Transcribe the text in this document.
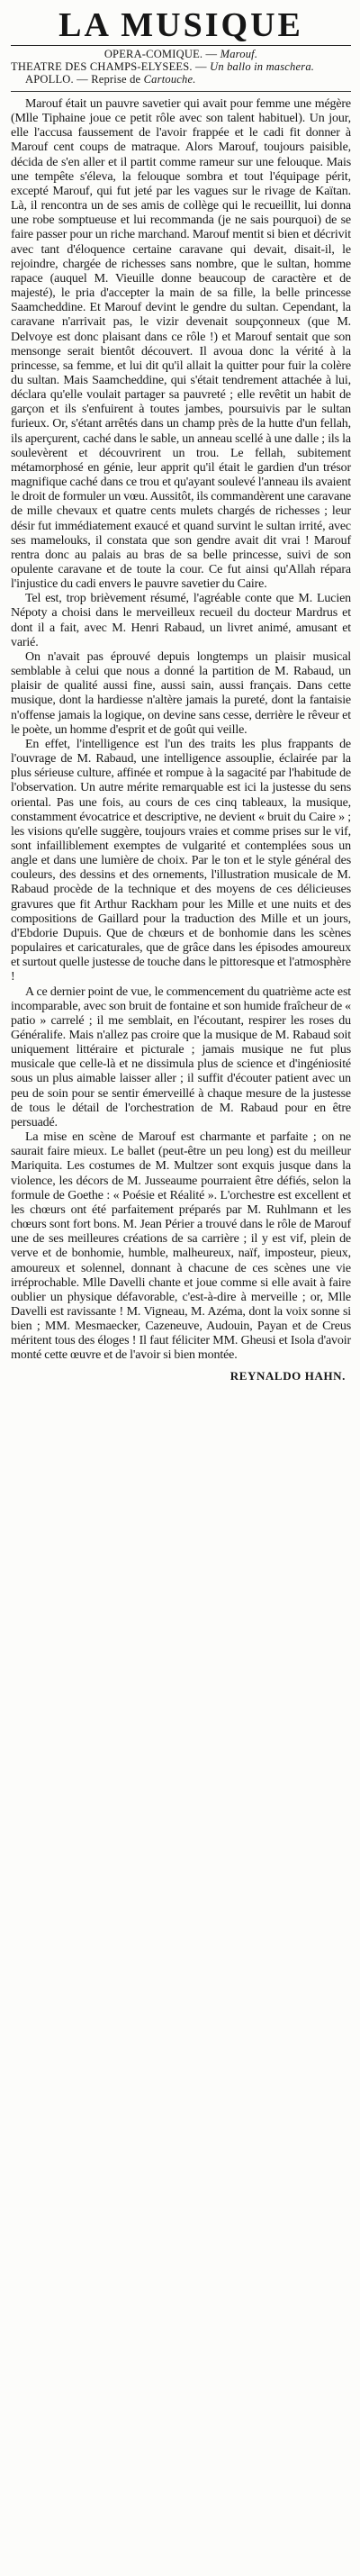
LA MUSIQUE
OPERA-COMIQUE. — Marouf.
THEATRE DES CHAMPS-ELYSEES. — Un ballo in maschera.
APOLLO. — Reprise de Cartouche.

Marouf était un pauvre savetier qui avait pour femme une mégère (Mlle Tiphaine joue ce petit rôle avec son talent habituel). Un jour, elle l'accusa faussement de l'avoir frappée et le cadi fit donner à Marouf cent coups de matraque. Alors Marouf, toujours paisible, décida de s'en aller et il partit comme rameur sur une felouque. Mais une tempête s'éleva, la felouque sombra et tout l'équipage périt, excepté Marouf, qui fut jeté par les vagues sur le rivage de Kaïtan. Là, il rencontra un de ses amis de collège qui le recueillit, lui donna une robe somptueuse et lui recommanda (je ne sais pourquoi) de se faire passer pour un riche marchand. Marouf mentit si bien et décrivit avec tant d'éloquence certaine caravane qui devait, disait-il, le rejoindre, chargée de richesses sans nombre, que le sultan, homme rapace (auquel M. Vieuille donne beaucoup de caractère et de majesté), le pria d'accepter la main de sa fille, la belle princesse Saamcheddine. Et Marouf devint le gendre du sultan. Cependant, la caravane n'arrivait pas, le vizir devenait soupçonneux (que M. Delvoye est donc plaisant dans ce rôle !) et Marouf sentait que son mensonge serait bientôt découvert. Il avoua donc la vérité à la princesse, sa femme, et lui dit qu'il allait la quitter pour fuir la colère du sultan. Mais Saamcheddine, qui s'était tendrement attachée à lui, déclara qu'elle voulait partager sa pauvreté ; elle revêtit un habit de garçon et ils s'enfuirent à toutes jambes, poursuivis par le sultan furieux. Or, s'étant arrêtés dans un champ près de la hutte d'un fellah, ils aperçurent, caché dans le sable, un anneau scellé à une dalle ; ils la soulevèrent et découvrirent un trou. Le fellah, subitement métamorphosé en génie, leur apprit qu'il était le gardien d'un trésor magnifique caché dans ce trou et qu'ayant soulevé l'anneau ils avaient le droit de formuler un vœu. Aussitôt, ils commandèrent une caravane de mille chevaux et quatre cents mulets chargés de richesses ; leur désir fut immédiatement exaucé et quand survint le sultan irrité, avec ses mamelouks, il constata que son gendre avait dit vrai ! Marouf rentra donc au palais au bras de sa belle princesse, suivi de son opulente caravane et de toute la cour. Ce fut ainsi qu'Allah répara l'injustice du cadi envers le pauvre savetier du Caire.

Tel est, trop brièvement résumé, l'agréable conte que M. Lucien Népoty a choisi dans le merveilleux recueil du docteur Mardrus et dont il a fait, avec M. Henri Rabaud, un livret animé, amusant et varié.

On n'avait pas éprouvé depuis longtemps un plaisir musical semblable à celui que nous a donné la partition de M. Rabaud, un plaisir de qualité aussi fine, aussi sain, aussi français. Dans cette musique, dont la hardiesse n'altère jamais la pureté, dont la fantaisie n'offense jamais la logique, on devine sans cesse, derrière le rêveur et le poète, un homme d'esprit et de goût qui veille.

En effet, l'intelligence est l'un des traits les plus frappants de l'ouvrage de M. Rabaud, une intelligence assouplie, éclairée par la plus sérieuse culture, affinée et rompue à la sagacité par l'habitude de l'observation. Un autre mérite remarquable est ici la justesse du sens oriental. Pas une fois, au cours de ces cinq tableaux, la musique, constamment évocatrice et descriptive, ne devient « bruit du Caire » ; les visions qu'elle suggère, toujours vraies et comme prises sur le vif, sont infailliblement exemptes de vulgarité et contemplées sous un angle et dans une lumière de choix. Par le ton et le style général des couleurs, des dessins et des ornements, l'illustration musicale de M. Rabaud procède de la technique et des moyens de ces délicieuses gravures que fit Arthur Rackham pour les Mille et une nuits et des compositions de Gaillard pour la traduction des Mille et un jours, d'Ebdorie Dupuis. Que de chœurs et de bonhomie dans les scènes populaires et caricaturales, que de grâce dans les épisodes amoureux et surtout quelle justesse de touche dans le pittoresque et l'atmosphère !

A ce dernier point de vue, le commencement du quatrième acte est incomparable, avec son bruit de fontaine et son humide fraîcheur de « patio » carrelé ; il me semblait, en l'écoutant, respirer les roses du Généralife. Mais n'allez pas croire que la musique de M. Rabaud soit uniquement littéraire et picturale ; jamais musique ne fut plus musicale que celle-là et ne dissimula plus de science et d'ingéniosité sous un plus aimable laisser aller ; il suffit d'écouter patient avec un peu de soin pour se sentir émerveillé à chaque mesure de la justesse de tous le détail de l'orchestration de M. Rabaud pour en être persuadé.

La mise en scène de Marouf est charmante et parfaite ; on ne saurait faire mieux. Le ballet (peut-être un peu long) est du meilleur Mariquita. Les costumes de M. Multzer sont exquis jusque dans la violence, les décors de M. Jusseaume pourraient être défiés, selon la formule de Goethe : « Poésie et Réalité ». L'orchestre est excellent et les chœurs ont été parfaitement préparés par M. Ruhlmann et les chœurs sont fort bons. M. Jean Périer a trouvé dans le rôle de Marouf une de ses meilleures créations de sa carrière ; il y est vif, plein de verve et de bonhomie, humble, malheureux, naïf, imposteur, pieux, amoureux et solennel, donnant à chacune de ces scènes une vie irréprochable. Mlle Davelli chante et joue comme si elle avait à faire oublier un physique défavorable, c'est-à-dire à merveille ; or, Mlle Davelli est ravissante ! M. Vigneau, M. Azéma, dont la voix sonne si bien ; MM. Mesmaecker, Cazeneuve, Audouin, Payan et de Creus méritent tous des éloges ! Il faut féliciter MM. Gheusi et Isola d'avoir monté cette œuvre et de l'avoir si bien montée.

REYNALDO HAHN.
